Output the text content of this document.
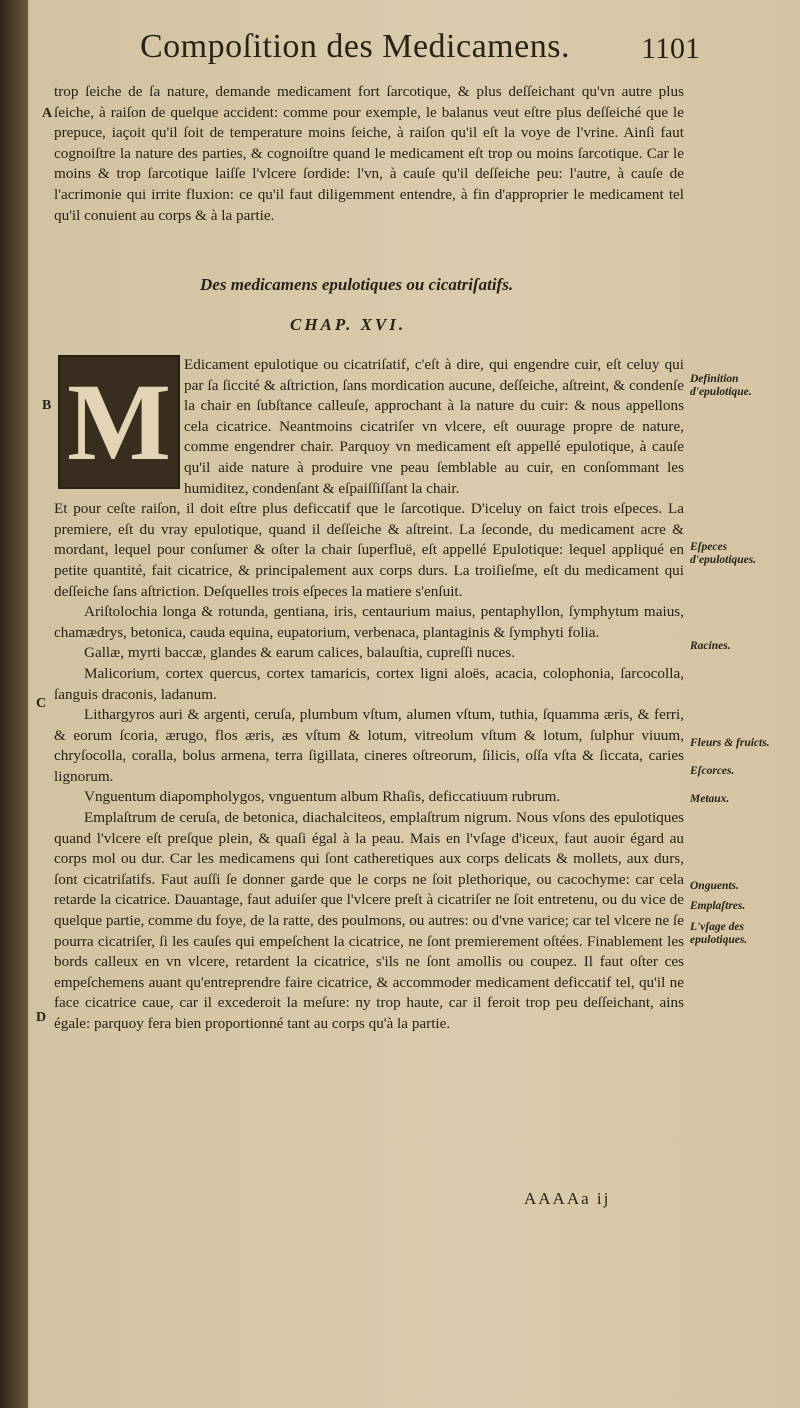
Compoſition des Medicamens. 1101

trop ſeiche de ſa nature, demande medicament fort ſarcotique, & plus deſſeichant qu'vn autre plus ſeiche, à raiſon de quelque accident: comme pour exemple, le balanus veut eſtre plus deſſeiché que le prepuce, iaçoit qu'il ſoit de temperature moins ſeiche, à raiſon qu'il eſt la voye de l'vrine. Ainſi faut cognoiſtre la nature des parties, & cognoiſtre quand le medicament eſt trop ou moins ſarcotique. Car le moins & trop ſarcotique laiſſe l'vlcere ſordide: l'vn, à cauſe qu'il deſſeiche peu: l'autre, à cauſe de l'acrimonie qui irrite fluxion: ce qu'il faut diligemment entendre, à fin d'approprier le medicament tel qu'il conuient au corps & à la partie.

Des medicamens epulotiques ou cicatriſatifs.
CHAP. XVI.
M Edicament epulotique ou cicatriſatif, c'eſt à dire, qui engendre cuir, eſt celuy qui par ſa ſiccité & aſtriction, ſans mordication aucune, deſſeiche, aſtreint, & condenſe la chair en ſubſtance calleuſe, approchant à la nature du cuir: & nous appellons cela cicatrice. Neantmoins cicatriſer vn vlcere, eſt ouurage propre de nature, comme engendrer chair. Parquoy vn medicament eſt appellé epulotique, à cauſe qu'il aide nature à produire vne peau ſemblable au cuir, en conſommant les humiditez, condenſant & eſpaiſſiſſant la chair.

Et pour ceſte raiſon, il doit eſtre plus deficcatif que le ſarcotique. D'iceluy on faict trois eſpeces. La premiere, eſt du vray epulotique, quand il deſſeiche & aſtreint. La ſeconde, du medicament acre & mordant, lequel pour conſumer & oſter la chair ſuperfluë, eſt appellé Epulotique: lequel appliqué en petite quantité, fait cicatrice, & principalement aux corps durs. La troiſieſme, eſt du medicament qui deſſeiche ſans aſtriction. Deſquelles trois eſpeces la matiere s'enſuit.

Ariſtolochia longa & rotunda, gentiana, iris, centaurium maius, pentaphyllon, ſymphytum maius, chamædrys, betonica, cauda equina, eupatorium, verbenaca, plantaginis & ſymphyti folia.

Gallæ, myrti baccæ, glandes & earum calices, balauſtia, cupreſſi nuces.

Malicorium, cortex quercus, cortex tamaricis, cortex ligni aloës, acacia, colophonia, ſarcocolla, ſanguis draconis, ladanum.

Lithargyros auri & argenti, ceruſa, plumbum vſtum, alumen vſtum, tuthia, ſquamma æris, & ferri, & eorum ſcoria, ærugo, flos æris, æs vſtum & lotum, vitreolum vſtum & lotum, ſulphur viuum, chryſocolla, coralla, bolus armena, terra ſigillata, cineres oſtreorum, ſilicis, oſſa vſta & ſiccata, caries lignorum.

Vnguentum diapompholygos, vnguentum album Rhaſis, deficcatiuum rubrum.

Emplaſtrum de ceruſa, de betonica, diachalciteos, emplaſtrum nigrum. Nous vſons des epulotiques quand l'vlcere eſt preſque plein, & quaſi égal à la peau. Mais en l'vſage d'iceux, faut auoir égard au corps mol ou dur. Car les medicamens qui ſont catheretiques aux corps delicats & mollets, aux durs, ſont cicatriſatifs. Faut auſſi ſe donner garde que le corps ne ſoit plethorique, ou cacochyme: car cela retarde la cicatrice. Dauantage, faut aduiſer que l'vlcere preſt à cicatriſer ne ſoit entretenu, ou du vice de quelque partie, comme du foye, de la ratte, des poulmons, ou autres: ou d'vne varice; car tel vlcere ne ſe pourra cicatriſer, ſi les cauſes qui empeſchent la cicatrice, ne ſont premierement oſtées. Finablement les bords calleux en vn vlcere, retardent la cicatrice, s'ils ne ſont amollis ou coupez. Il faut oſter ces empeſchemens auant qu'entreprendre faire cicatrice, & accommoder medicament deficcatif tel, qu'il ne face cicatrice caue, car il excederoit la meſure: ny trop haute, car il feroit trop peu deſſeichant, ains égale: parquoy fera bien proportionné tant au corps qu'à la partie.

Definition d'epulotique.
Eſpeces d'epulotiques.
Racines.
Fleurs & fruicts.
Eſcorces.
Metaux.
Onguents.
Emplaſtres.
L'vſage des epulotiques.
A
B
C
D
AAAAa ij
